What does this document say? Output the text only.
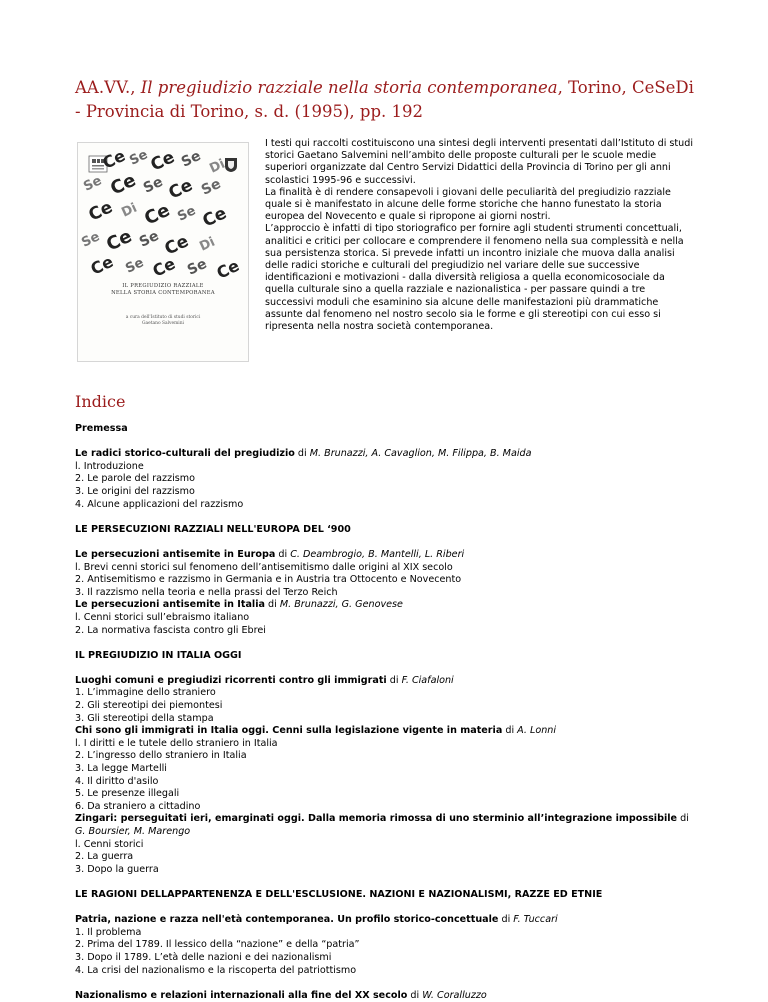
AA.VV., Il pregiudizio razziale nella storia contemporanea, Torino, CeSeDi - Provincia di Torino, s. d. (1995), pp. 192
Ce Se
Ce Se Di
Se Ce Se Ce Se
Ce Di Ce Se Ce
Se Ce Se Ce Di
Ce Se Ce Se Ce
IL PREGIUDIZIO RAZZIALE
NELLA STORIA CONTEMPORANEA
a cura dell'Istituto di studi storici
Gaetano Salvemini

I testi qui raccolti costituiscono una sintesi degli interventi presentati dall’Istituto di studi storici Gaetano Salvemini nell’ambito delle proposte culturali per le scuole medie superiori organizzate dal Centro Servizi Didattici della Provincia di Torino per gli anni scolastici 1995-96 e successivi.

La finalità è di rendere consapevoli i giovani delle peculiarità del pregiudizio razziale quale si è manifestato in alcune delle forme storiche che hanno funestato la storia europea del Novecento e quale si ripropone ai giorni nostri.

L’approccio è infatti di tipo storiografico per fornire agli studenti strumenti concettuali, analitici e critici per collocare e comprendere il fenomeno nella sua complessità e nella sua persistenza storica. Si prevede infatti un incontro iniziale che muova dalla analisi delle radici storiche e culturali del pregiudizio nel variare delle sue successive identificazioni e motivazioni - dalla diversità religiosa a quella economicosociale da quella culturale sino a quella razziale e nazionalistica - per passare quindi a tre successivi moduli che esaminino sia alcune delle manifestazioni più drammatiche assunte dal fenomeno nel nostro secolo sia le forme e gli stereotipi con cui esso si ripresenta nella nostra società contemporanea.

Indice
Premessa
Le radici storico-culturali del pregiudizio di M. Brunazzi, A. Cavaglion, M. Filippa, B. Maida
l. Introduzione
2. Le parole del razzismo
3. Le origini del razzismo
4. Alcune applicazioni del razzismo
LE PERSECUZIONI RAZZIALI NELL'EUROPA DEL ‘900
Le persecuzioni antisemite in Europa di C. Deambrogio, B. Mantelli, L. Riberi
l. Brevi cenni storici sul fenomeno dell’antisemitismo dalle origini al XIX secolo
2. Antisemitismo e razzismo in Germania e in Austria tra Ottocento e Novecento
3. Il razzismo nella teoria e nella prassi del Terzo Reich
Le persecuzioni antisemite in Italia di M. Brunazzi, G. Genovese
l. Cenni storici sull’ebraismo italiano
2. La normativa fascista contro gli Ebrei
IL PREGIUDIZIO IN ITALIA OGGI
Luoghi comuni e pregiudizi ricorrenti contro gli immigrati di F. Ciafaloni
1. L’immagine dello straniero
2. Gli stereotipi dei piemontesi
3. Gli stereotipi della stampa
Chi sono gli immigrati in Italia oggi. Cenni sulla legislazione vigente in materia di A. Lonni
l. I diritti e le tutele dello straniero in Italia
2. L’ingresso dello straniero in Italia
3. La legge Martelli
4. Il diritto d'asilo
5. Le presenze illegali
6. Da straniero a cittadino
Zingari: perseguitati ieri, emarginati oggi. Dalla memoria rimossa di uno sterminio all’integrazione impossibile di G. Boursier, M. Marengo
l. Cenni storici
2. La guerra
3. Dopo la guerra
LE RAGIONI DELLAPPARTENENZA E DELL'ESCLUSIONE. NAZIONI E NAZIONALISMI, RAZZE ED ETNIE
Patria, nazione e razza nell'età contemporanea. Un profilo storico-concettuale di F. Tuccari
1. Il problema
2. Prima del 1789. Il lessico della “nazione” e della “patria”
3. Dopo il 1789. L’età delle nazioni e dei nazionalismi
4. La crisi del nazionalismo e la riscoperta del patriottismo
Nazionalismo e relazioni internazionali alla fine del XX secolo di W. Coralluzzo
